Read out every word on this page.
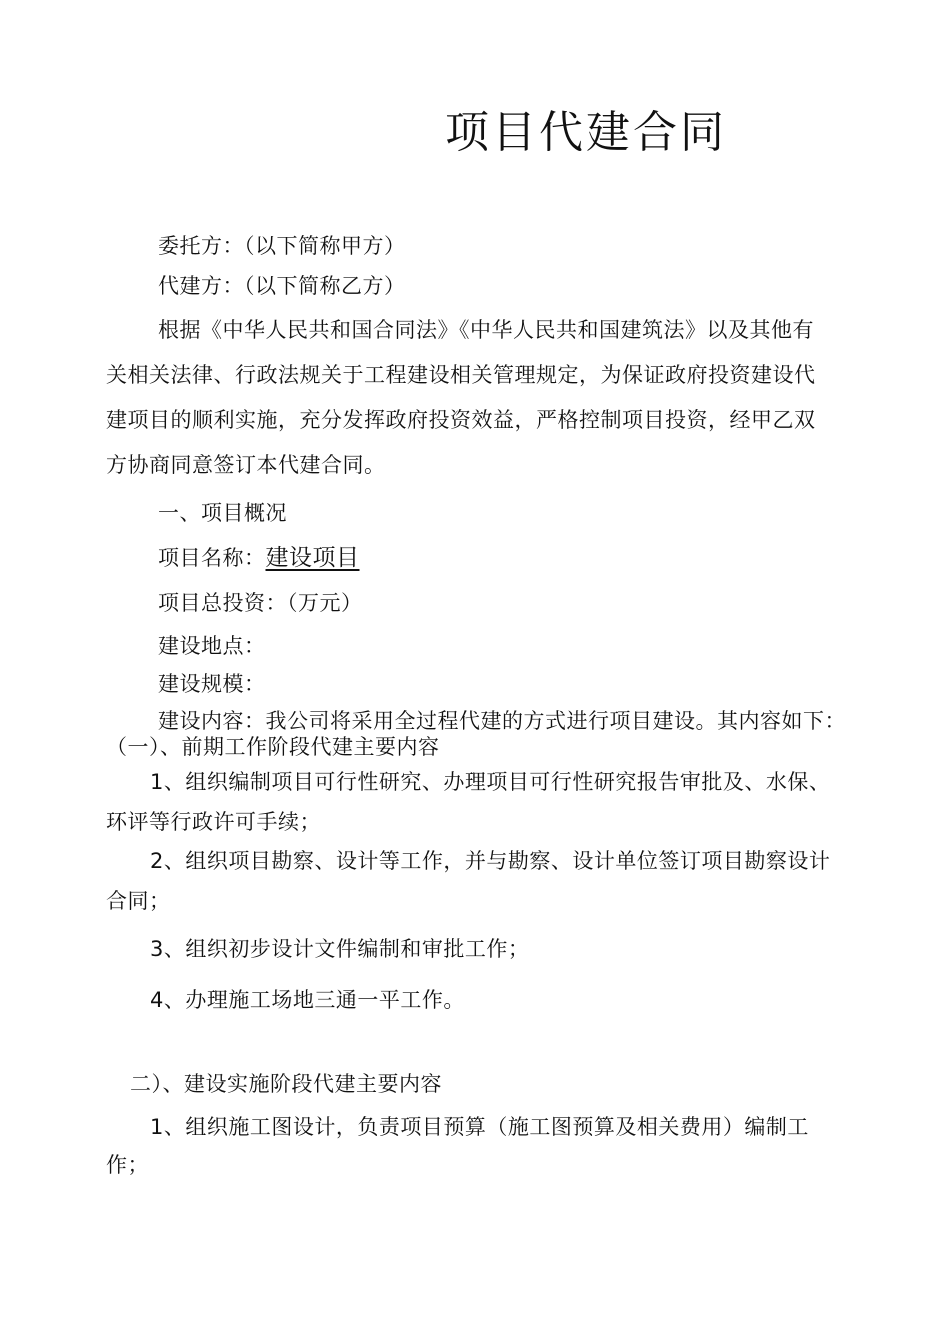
项目代建合同
委托方：（以下简称甲方）
代建方：（以下简称乙方）
根据《中华人民共和国合同法》《中华人民共和国建筑法》以及其他有
关相关法律、行政法规关于工程建设相关管理规定，为保证政府投资建设代
建项目的顺利实施，充分发挥政府投资效益，严格控制项目投资，经甲乙双
方协商同意签订本代建合同。
一、项目概况
项目名称：建设项目
项目总投资：（万元）
建设地点：
建设规模：
建设内容：我公司将采用全过程代建的方式进行项目建设。其内容如下：
（一）、前期工作阶段代建主要内容
1、组织编制项目可行性研究、办理项目可行性研究报告审批及、水保、
环评等行政许可手续；
2、组织项目勘察、设计等工作，并与勘察、设计单位签订项目勘察设计
合同；
3、组织初步设计文件编制和审批工作；
4、办理施工场地三通一平工作。
二）、建设实施阶段代建主要内容
1、组织施工图设计，负责项目预算（施工图预算及相关费用）编制工
作；
